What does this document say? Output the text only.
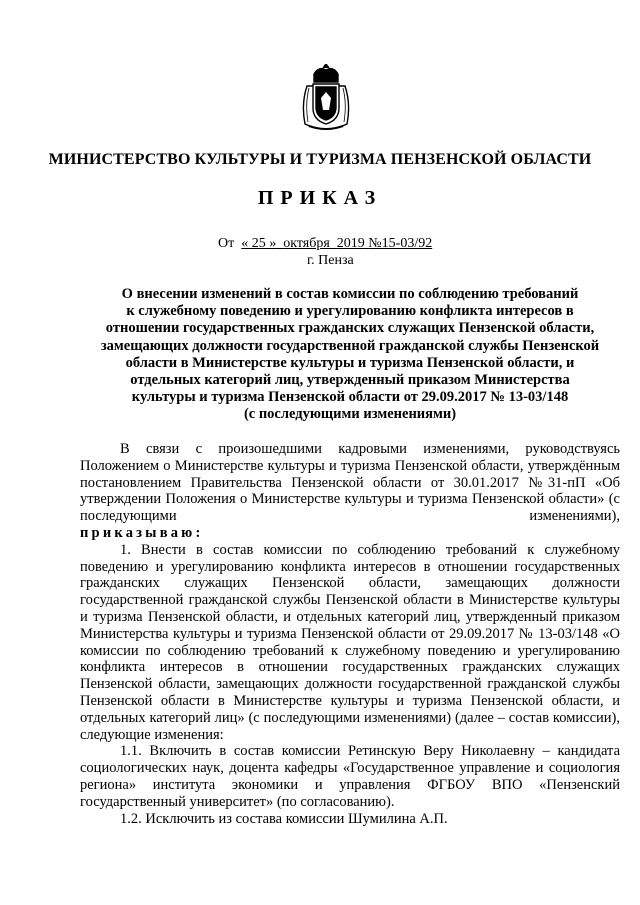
МИНИСТЕРСТВО КУЛЬТУРЫ И ТУРИЗМА ПЕНЗЕНСКОЙ ОБЛАСТИ
ПРИКАЗ
От « 25 » октября 2019 №15-03/92
г. Пенза
О внесении изменений в состав комиссии по соблюдению требований
к служебному поведению и урегулированию конфликта интересов в
отношении государственных гражданских служащих Пензенской области,
замещающих должности государственной гражданской службы Пензенской
области в Министерстве культуры и туризма Пензенской области, и
отдельных категорий лиц, утвержденный приказом Министерства
культуры и туризма Пензенской области от 29.09.2017 № 13-03/148
(с последующими изменениями)

В связи с произошедшими кадровыми изменениями, руководствуясь Положением о Министерстве культуры и туризма Пензенской области, утверждённым постановлением Правительства Пензенской области от 30.01.2017 №31-пП «Об утверждении Положения о Министерстве культуры и туризма Пензенской области» (с последующими изменениями),

приказываю:

1. Внести в состав комиссии по соблюдению требований к служебному поведению и урегулированию конфликта интересов в отношении государственных гражданских служащих Пензенской области, замещающих должности государственной гражданской службы Пензенской области в Министерстве культуры и туризма Пензенской области, и отдельных категорий лиц, утвержденный приказом Министерства культуры и туризма Пензенской области от 29.09.2017 № 13-03/148 «О комиссии по соблюдению требований к служебному поведению и урегулированию конфликта интересов в отношении государственных гражданских служащих Пензенской области, замещающих должности государственной гражданской службы Пензенской области в Министерстве культуры и туризма Пензенской области, и отдельных категорий лиц» (с последующими изменениями) (далее – состав комиссии), следующие изменения:

1.1. Включить в состав комиссии Ретинскую Веру Николаевну – кандидата социологических наук, доцента кафедры «Государственное управление и социология региона» института экономики и управления ФГБОУ ВПО «Пензенский государственный университет» (по согласованию).

1.2. Исключить из состава комиссии Шумилина А.П.
